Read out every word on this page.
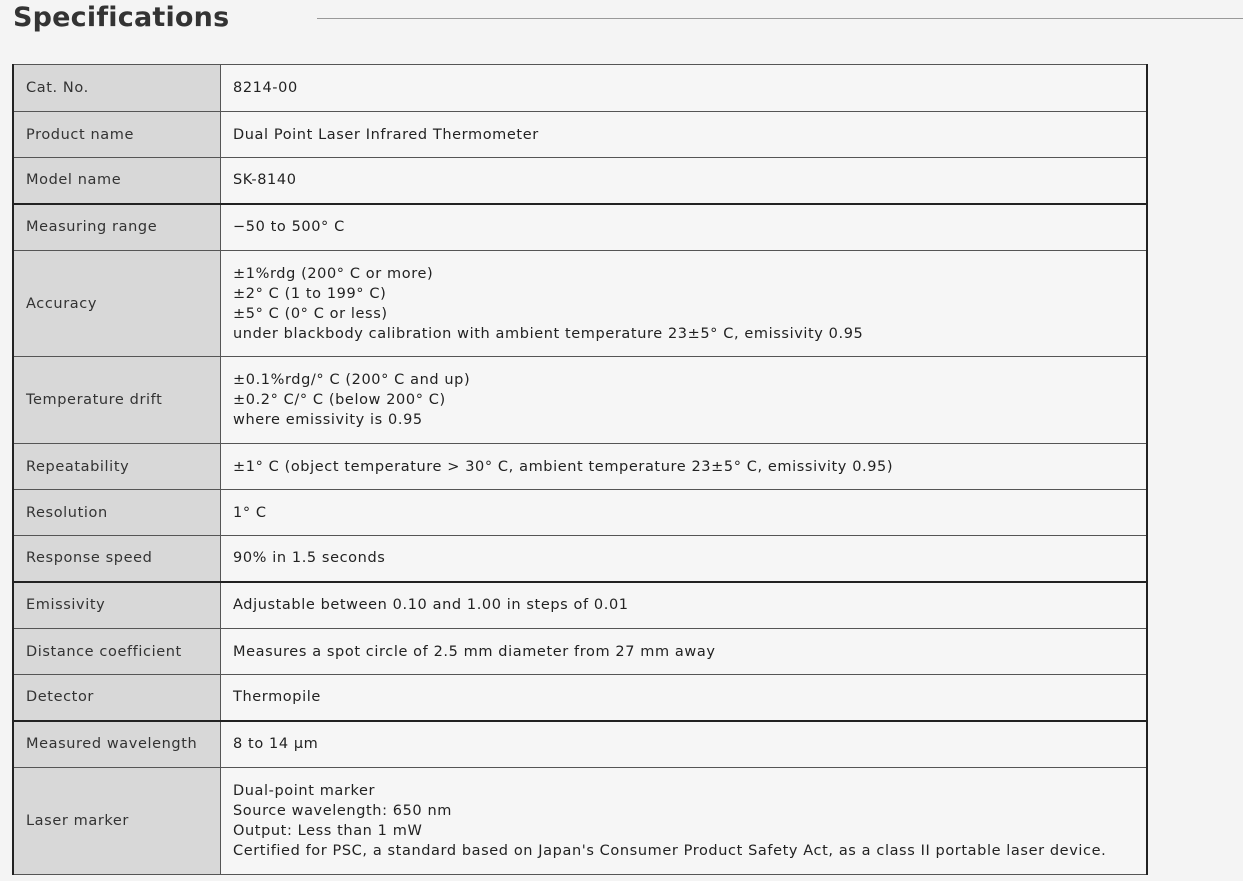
Specifications
Cat. No.	8214-00

Product name	Dual Point Laser Infrared Thermometer

Model name	SK-8140

Measuring range	−50 to 500° C

Accuracy	±1%rdg (200° C or more)
±2° C (1 to 199° C)
±5° C (0° C or less)
under blackbody calibration with ambient temperature 23±5° C, emissivity 0.95

Temperature drift	±0.1%rdg/° C (200° C and up)
±0.2° C/° C (below 200° C)
where emissivity is 0.95

Repeatability	±1° C (object temperature > 30° C, ambient temperature 23±5° C, emissivity 0.95)

Resolution	1° C

Response speed	90% in 1.5 seconds

Emissivity	Adjustable between 0.10 and 1.00 in steps of 0.01

Distance coefficient	Measures a spot circle of 2.5 mm diameter from 27 mm away

Detector	Thermopile

Measured wavelength	8 to 14 μm

Laser marker	Dual-point marker
Source wavelength: 650 nm
Output: Less than 1 mW
Certified for PSC, a standard based on Japan's Consumer Product Safety Act, as a class II portable laser device.
